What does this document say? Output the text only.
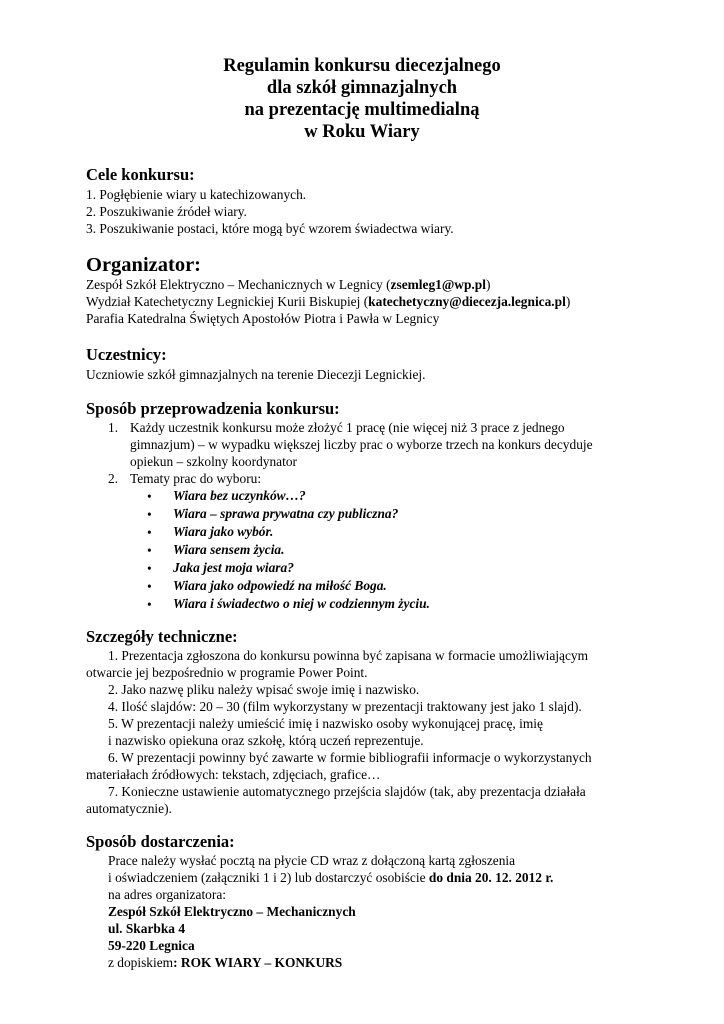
Regulamin konkursu diecezjalnego
dla szkół gimnazjalnych
na prezentację multimedialną
w Roku Wiary
Cele konkursu:
1. Pogłębienie wiary u katechizowanych.
2. Poszukiwanie źródeł wiary.
3. Poszukiwanie postaci, które mogą być wzorem świadectwa wiary.
Organizator:
Zespół Szkół Elektryczno – Mechanicznych w Legnicy (zsemleg1@wp.pl)
Wydział Katechetyczny Legnickiej Kurii Biskupiej (katechetyczny@diecezja.legnica.pl)
Parafia Katedralna Świętych Apostołów Piotra i Pawła w Legnicy
Uczestnicy:
Uczniowie szkół gimnazjalnych na terenie Diecezji Legnickiej.
Sposób przeprowadzenia konkursu:
1. Każdy uczestnik konkursu może złożyć 1 pracę (nie więcej niż 3 prace z jednego
gimnazjum) – w wypadku większej liczby prac o wyborze trzech na konkurs decyduje
opiekun – szkolny koordynator
2. Tematy prac do wyboru:
• Wiara bez uczynków…?
• Wiara – sprawa prywatna czy publiczna?
• Wiara jako wybór.
• Wiara sensem życia.
• Jaka jest moja wiara?
• Wiara jako odpowiedź na miłość Boga.
• Wiara i świadectwo o niej w codziennym życiu.
Szczegóły techniczne:
1. Prezentacja zgłoszona do konkursu powinna być zapisana w formacie umożliwiającym
otwarcie jej bezpośrednio w programie Power Point.
2. Jako nazwę pliku należy wpisać swoje imię i nazwisko.
4. Ilość slajdów: 20 – 30 (film wykorzystany w prezentacji traktowany jest jako 1 slajd).
5. W prezentacji należy umieścić imię i nazwisko osoby wykonującej pracę, imię
i nazwisko opiekuna oraz szkołę, którą uczeń reprezentuje.
6. W prezentacji powinny być zawarte w formie bibliografii informacje o wykorzystanych
materiałach źródłowych: tekstach, zdjęciach, grafice…
7. Konieczne ustawienie automatycznego przejścia slajdów (tak, aby prezentacja działała
automatycznie).
Sposób dostarczenia:
Prace należy wysłać pocztą na płycie CD wraz z dołączoną kartą zgłoszenia
i oświadczeniem (załączniki 1 i 2) lub dostarczyć osobiście do dnia 20. 12. 2012 r.
na adres organizatora:
Zespół Szkół Elektryczno – Mechanicznych
ul. Skarbka 4
59-220 Legnica
z dopiskiem: ROK WIARY – KONKURS
